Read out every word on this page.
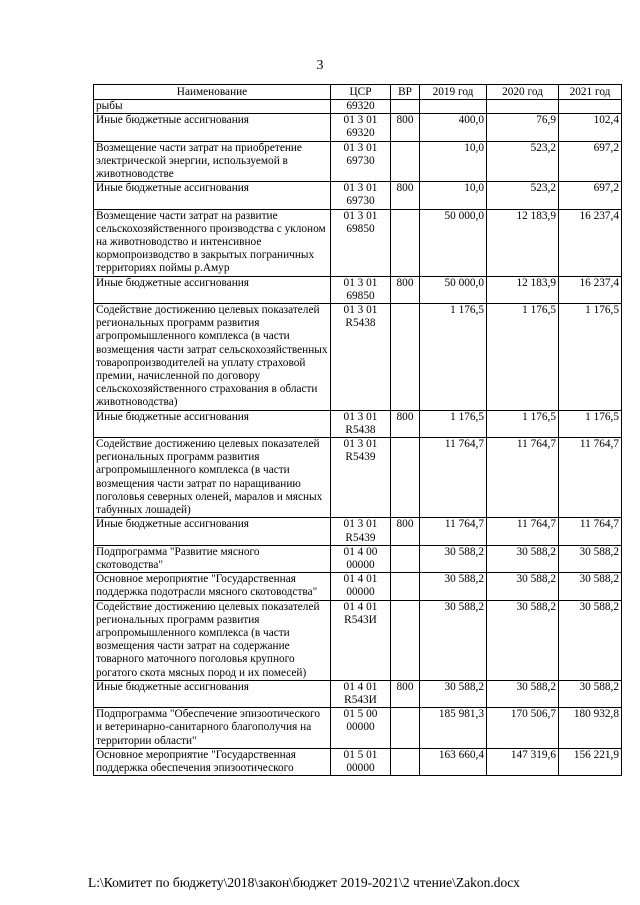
3
Наименование	ЦСР	ВР	2019 год	2020 год	2021 год
рыбы	69320				
Иные бюджетные ассигнования	01 3 01 69320	800	400,0	76,9	102,4
Возмещение части затрат на приобретение электрической энергии, используемой в животноводстве	01 3 01 69730		10,0	523,2	697,2
Иные бюджетные ассигнования	01 3 01 69730	800	10,0	523,2	697,2
Возмещение части затрат на развитие сельскохозяйственного производства с уклоном на животноводство и интенсивное кормопроизводство в закрытых пограничных территориях поймы р.Амур	01 3 01 69850		50 000,0	12 183,9	16 237,4
Иные бюджетные ассигнования	01 3 01 69850	800	50 000,0	12 183,9	16 237,4
Содействие достижению целевых показателей региональных программ развития агропромышленного комплекса (в части возмещения части затрат сельскохозяйственных товаропроизводителей на уплату страховой премии, начисленной по договору сельскохозяйственного страхования в области животноводства)	01 3 01 R5438		1 176,5	1 176,5	1 176,5
Иные бюджетные ассигнования	01 3 01 R5438	800	1 176,5	1 176,5	1 176,5
Содействие достижению целевых показателей региональных программ развития агропромышленного комплекса (в части возмещения части затрат по наращиванию поголовья северных оленей, маралов и мясных табунных лошадей)	01 3 01 R5439		11 764,7	11 764,7	11 764,7
Иные бюджетные ассигнования	01 3 01 R5439	800	11 764,7	11 764,7	11 764,7
Подпрограмма "Развитие мясного скотоводства"	01 4 00 00000		30 588,2	30 588,2	30 588,2
Основное мероприятие "Государственная поддержка подотрасли мясного скотоводства"	01 4 01 00000		30 588,2	30 588,2	30 588,2
Содействие достижению целевых показателей региональных программ развития агропромышленного комплекса (в части возмещения части затрат на содержание товарного маточного поголовья крупного рогатого скота мясных пород и их помесей)	01 4 01 R543И		30 588,2	30 588,2	30 588,2
Иные бюджетные ассигнования	01 4 01 R543И	800	30 588,2	30 588,2	30 588,2
Подпрограмма "Обеспечение эпизоотического и ветеринарно-санитарного благополучия на территории области"	01 5 00 00000		185 981,3	170 506,7	180 932,8
Основное мероприятие "Государственная поддержка обеспечения эпизоотического	01 5 01 00000		163 660,4	147 319,6	156 221,9
L:\Комитет по бюджету\2018\закон\бюджет 2019-2021\2 чтение\Zakon.docx
